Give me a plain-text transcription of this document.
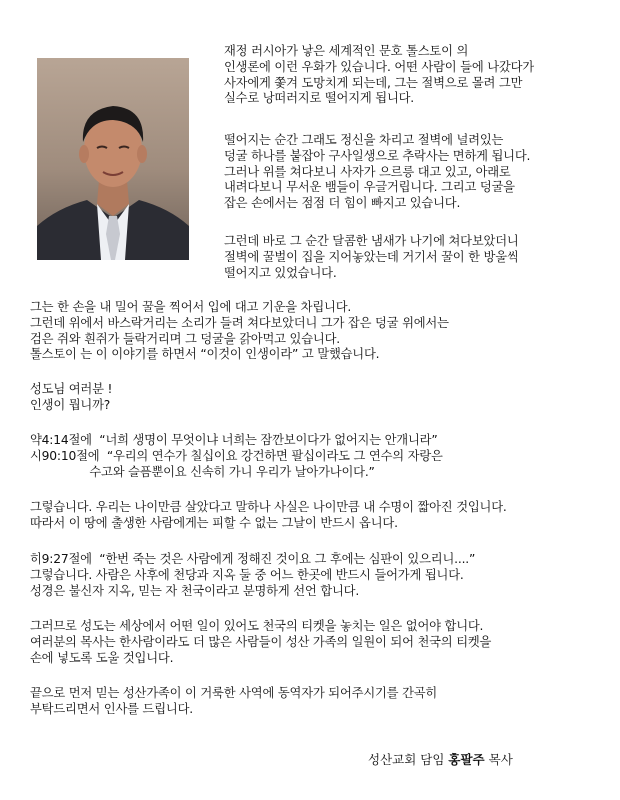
재정 러시아가 낳은 세계적인 문호 톨스토이 의
인생론에 이런 우화가 있습니다. 어떤 사람이 들에 나갔다가
사자에게 쫓겨 도망치게 되는데, 그는 절벽으로 몰려 그만
실수로 낭떠러지로 떨어지게 됩니다.

떨어지는 순간 그래도 정신을 차리고 절벽에 널려있는
덩굴 하나를 붙잡아 구사일생으로 추락사는 면하게 됩니다.
그러나 위를 쳐다보니 사자가 으르릉 대고 있고, 아래로
내려다보니 무서운 뱀들이 우글거립니다. 그리고 덩굴을
잡은 손에서는 점점 더 힘이 빠지고 있습니다.

그런데 바로 그 순간 달콤한 냄새가 나기에 쳐다보았더니
절벽에 꿀벌이 집을 지어놓았는데 거기서 꿀이 한 방울씩
떨어지고 있었습니다.

그는 한 손을 내 밀어 꿀을 찍어서 입에 대고 기운을 차립니다.
그런데 위에서 바스락거리는 소리가 들려 쳐다보았더니 그가 잡은 덩굴 위에서는
검은 쥐와 흰쥐가 들락거리며 그 덩굴을 갉아먹고 있습니다.
톨스토이 는 이 이야기를 하면서 “이것이 인생이라” 고 말했습니다.

성도님 여러분 !
인생이 뭡니까?

약4:14절에  “너희 생명이 무엇이냐 너희는 잠깐보이다가 없어지는 안개니라”
시90:10절에  “우리의 연수가 칠십이요 강건하면 팔십이라도 그 연수의 자랑은
수고와 슬픔뿐이요 신속히 가니 우리가 날아가나이다.”

그렇습니다. 우리는 나이만큼 살았다고 말하나 사실은 나이만큼 내 수명이 짧아진 것입니다.
따라서 이 땅에 출생한 사람에게는 피할 수 없는 그날이 반드시 옵니다.

히9:27절에  “한번 죽는 것은 사람에게 정해진 것이요 그 후에는 심판이 있으리니....”
그렇습니다. 사람은 사후에 천당과 지옥 둘 중 어느 한곳에 반드시 들어가게 됩니다.
성경은 불신자 지옥, 믿는 자 천국이라고 분명하게 선언 합니다.

그러므로 성도는 세상에서 어떤 일이 있어도 천국의 티켓을 놓치는 일은 없어야 합니다.
여러분의 목사는 한사람이라도 더 많은 사람들이 성산 가족의 일원이 되어 천국의 티켓을
손에 넣도록 도울 것입니다.

끝으로 먼저 믿는 성산가족이 이 거룩한 사역에 동역자가 되어주시기를 간곡히
부탁드리면서 인사를 드립니다.

성산교회 담임 홍팔주 목사
